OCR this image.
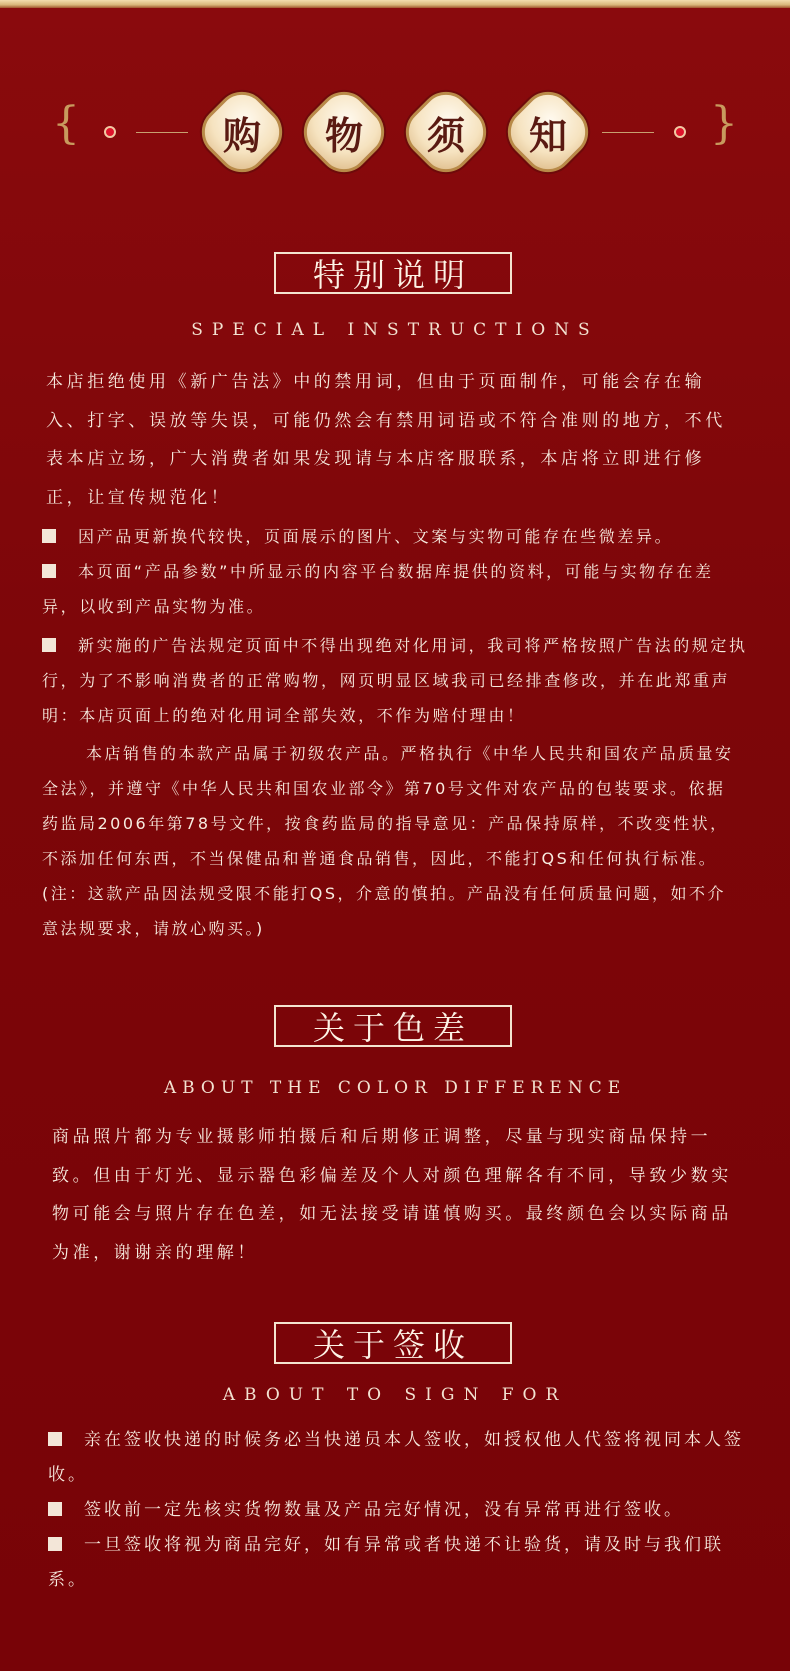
{	购 物 须 知	}
特别说明
SPECIAL INSTRUCTIONS

本店拒绝使用《新广告法》中的禁用词，但由于页面制作，可能会存在输入、打字、误放等失误，可能仍然会有禁用词语或不符合准则的地方，不代表本店立场，广大消费者如果发现请与本店客服联系，本店将立即进行修正，让宣传规范化！

因产品更新换代较快，页面展示的图片、文案与实物可能存在些微差异。

本页面“产品参数”中所显示的内容平台数据库提供的资料，可能与实物存在差异，以收到产品实物为准。

新实施的广告法规定页面中不得出现绝对化用词，我司将严格按照广告法的规定执行，为了不影响消费者的正常购物，网页明显区域我司已经排查修改，并在此郑重声明：本店页面上的绝对化用词全部失效，不作为赔付理由！

本店销售的本款产品属于初级农产品。严格执行《中华人民共和国农产品质量安全法》，并遵守《中华人民共和国农业部令》第70号文件对农产品的包装要求。依据药监局2006年第78号文件，按食药监局的指导意见：产品保持原样，不改变性状，不添加任何东西，不当保健品和普通食品销售，因此，不能打QS和任何执行标准。(注：这款产品因法规受限不能打QS，介意的慎拍。产品没有任何质量问题，如不介意法规要求，请放心购买。)

关于色差
ABOUT THE COLOR DIFFERENCE

商品照片都为专业摄影师拍摄后和后期修正调整，尽量与现实商品保持一致。但由于灯光、显示器色彩偏差及个人对颜色理解各有不同，导致少数实物可能会与照片存在色差，如无法接受请谨慎购买。最终颜色会以实际商品为准，谢谢亲的理解！

关于签收
ABOUT TO SIGN FOR

亲在签收快递的时候务必当快递员本人签收，如授权他人代签将视同本人签收。

签收前一定先核实货物数量及产品完好情况，没有异常再进行签收。

一旦签收将视为商品完好，如有异常或者快递不让验货，请及时与我们联系。
